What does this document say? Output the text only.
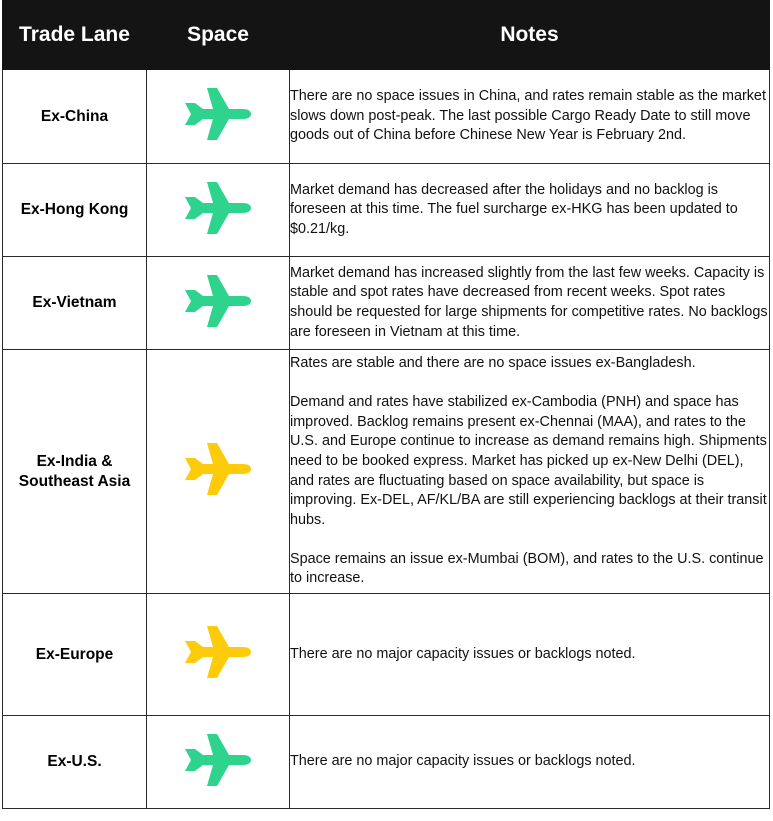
Trade Lane	Space	Notes
Ex-China		There are no space issues in China, and rates remain stable as the market slows down post-peak. The last possible Cargo Ready Date to still move goods out of China before Chinese New Year is February 2nd.

Ex-Hong Kong		Market demand has decreased after the holidays and no backlog is foreseen at this time. The fuel surcharge ex-HKG has been updated to $0.21/kg.

Ex-Vietnam		Market demand has increased slightly from the last few weeks. Capacity is stable and spot rates have decreased from recent weeks. Spot rates should be requested for large shipments for competitive rates. No backlogs are foreseen in Vietnam at this time.

Ex-India & Southeast Asia		Rates are stable and there are no space issues ex-Bangladesh.
Demand and rates have stabilized ex-Cambodia (PNH) and space has improved. Backlog remains present ex-Chennai (MAA), and rates to the U.S. and Europe continue to increase as demand remains high. Shipments need to be booked express. Market has picked up ex-New Delhi (DEL), and rates are fluctuating based on space availability, but space is improving. Ex-DEL, AF/KL/BA are still experiencing backlogs at their transit hubs.
Space remains an issue ex-Mumbai (BOM), and rates to the U.S. continue to increase.

Ex-Europe		There are no major capacity issues or backlogs noted.

Ex-U.S.		There are no major capacity issues or backlogs noted.
